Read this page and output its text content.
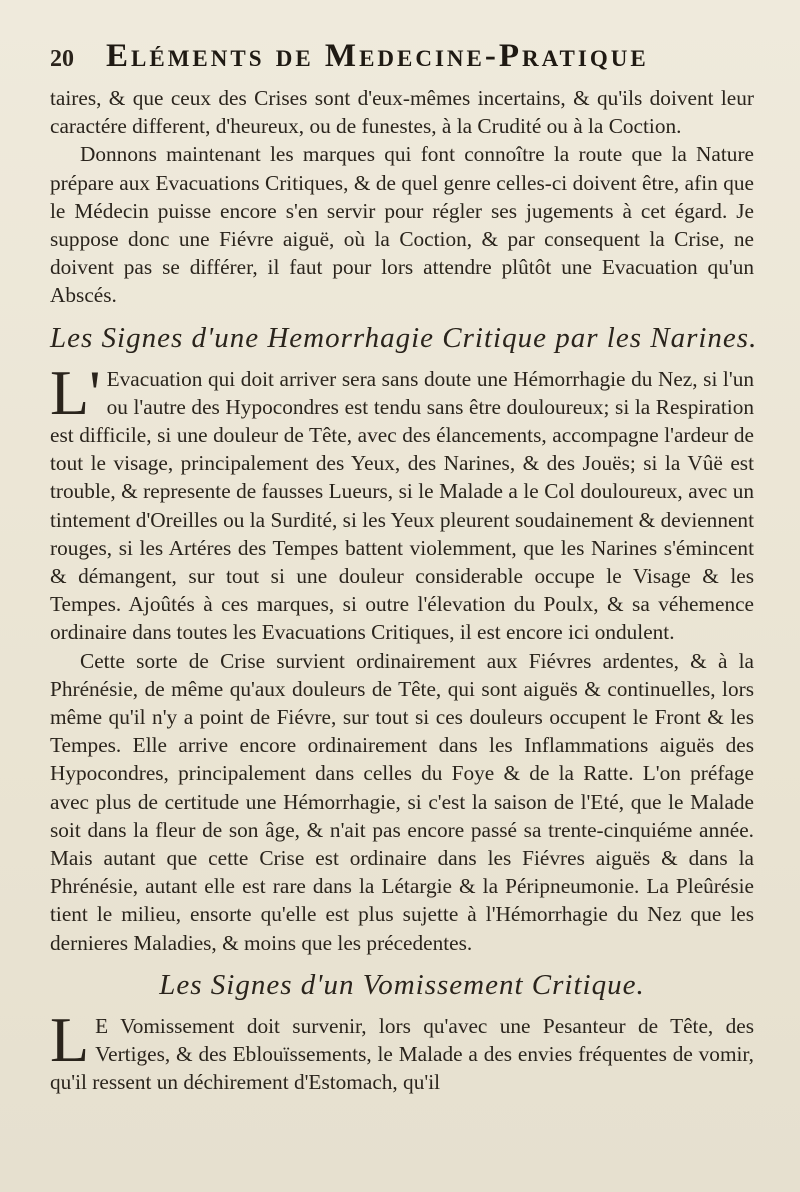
20 Eléments de Medecine-Pratique

taires, & que ceux des Crises sont d'eux-mêmes incertains, & qu'ils doivent leur caractére different, d'heureux, ou de funestes, à la Crudité ou à la Coction.

Donnons maintenant les marques qui font connoître la route que la Nature prépare aux Evacuations Critiques, & de quel genre celles-ci doivent être, afin que le Médecin puisse encore s'en servir pour régler ses jugements à cet égard. Je suppose donc une Fiévre aiguë, où la Coction, & par consequent la Crise, ne doivent pas se différer, il faut pour lors attendre plûtôt une Evacuation qu'un Abscés.

Les Signes d'une Hemorrhagie Critique par les Narines.

L'Evacuation qui doit arriver sera sans doute une Hémorrhagie du Nez, si l'un ou l'autre des Hypocondres est tendu sans être douloureux; si la Respiration est difficile, si une douleur de Tête, avec des élancements, accompagne l'ardeur de tout le visage, principalement des Yeux, des Narines, & des Jouës; si la Vûë est trouble, & represente de fausses Lueurs, si le Malade a le Col douloureux, avec un tintement d'Oreilles ou la Surdité, si les Yeux pleurent soudainement & deviennent rouges, si les Artéres des Tempes battent violemment, que les Narines s'émincent & démangent, sur tout si une douleur considerable occupe le Visage & les Tempes. Ajoûtés à ces marques, si outre l'élevation du Poulx, & sa véhemence ordinaire dans toutes les Evacuations Critiques, il est encore ici ondulent.

Cette sorte de Crise survient ordinairement aux Fiévres ardentes, & à la Phrénésie, de même qu'aux douleurs de Tête, qui sont aiguës & continuelles, lors même qu'il n'y a point de Fiévre, sur tout si ces douleurs occupent le Front & les Tempes. Elle arrive encore ordinairement dans les Inflammations aiguës des Hypocondres, principalement dans celles du Foye & de la Ratte. L'on préfage avec plus de certitude une Hémorrhagie, si c'est la saison de l'Eté, que le Malade soit dans la fleur de son âge, & n'ait pas encore passé sa trente-cinquiéme année. Mais autant que cette Crise est ordinaire dans les Fiévres aiguës & dans la Phrénésie, autant elle est rare dans la Létargie & la Péripneumonie. La Pleûrésie tient le milieu, ensorte qu'elle est plus sujette à l'Hémorrhagie du Nez que les dernieres Maladies, & moins que les précedentes.

Les Signes d'un Vomissement Critique.

LE Vomissement doit survenir, lors qu'avec une Pesanteur de Tête, des Vertiges, & des Eblouïssements, le Malade a des envies fréquentes de vomir, qu'il ressent un déchirement d'Estomach, qu'il
